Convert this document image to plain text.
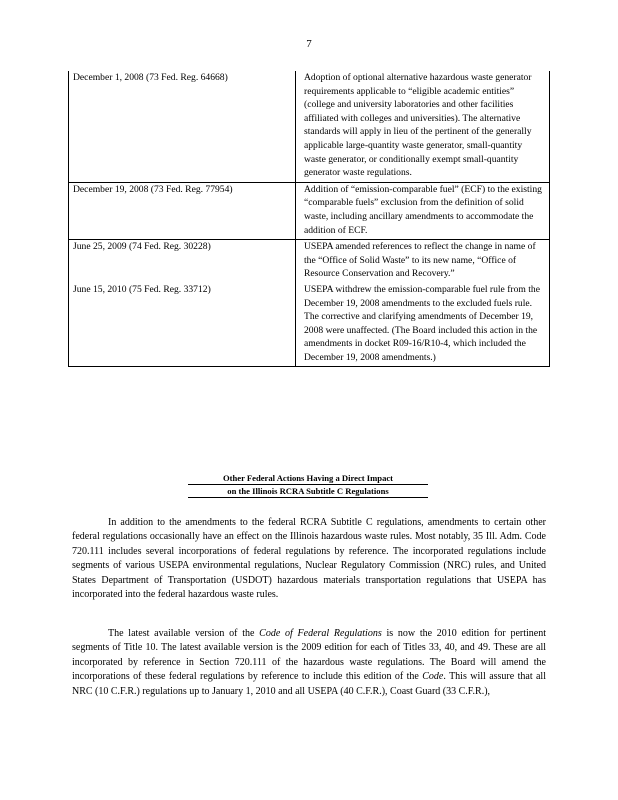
7
December 1, 2008 (73 Fed. Reg. 64668)	Adoption of optional alternative hazardous waste generator requirements applicable to “eligible academic entities” (college and university laboratories and other facilities affiliated with colleges and universities). The alternative standards will apply in lieu of the pertinent of the generally applicable large-quantity waste generator, small-quantity waste generator, or conditionally exempt small-quantity generator waste regulations.
December 19, 2008 (73 Fed. Reg. 77954)	Addition of “emission-comparable fuel” (ECF) to the existing “comparable fuels” exclusion from the definition of solid waste, including ancillary amendments to accommodate the addition of ECF.
June 25, 2009 (74 Fed. Reg. 30228)	USEPA amended references to reflect the change in name of the “Office of Solid Waste” to its new name, “Office of Resource Conservation and Recovery.”
June 15, 2010 (75 Fed. Reg. 33712)	USEPA withdrew the emission-comparable fuel rule from the December 19, 2008 amendments to the excluded fuels rule. The corrective and clarifying amendments of December 19, 2008 were unaffected. (The Board included this action in the amendments in docket R09-16/R10-4, which included the December 19, 2008 amendments.)
Other Federal Actions Having a Direct Impact
on the Illinois RCRA Subtitle C Regulations

In addition to the amendments to the federal RCRA Subtitle C regulations, amendments to certain other federal regulations occasionally have an effect on the Illinois hazardous waste rules. Most notably, 35 Ill. Adm. Code 720.111 includes several incorporations of federal regulations by reference. The incorporated regulations include segments of various USEPA environmental regulations, Nuclear Regulatory Commission (NRC) rules, and United States Department of Transportation (USDOT) hazardous materials transportation regulations that USEPA has incorporated into the federal hazardous waste rules.

The latest available version of the Code of Federal Regulations is now the 2010 edition for pertinent segments of Title 10. The latest available version is the 2009 edition for each of Titles 33, 40, and 49. These are all incorporated by reference in Section 720.111 of the hazardous waste regulations. The Board will amend the incorporations of these federal regulations by reference to include this edition of the Code. This will assure that all NRC (10 C.F.R.) regulations up to January 1, 2010 and all USEPA (40 C.F.R.), Coast Guard (33 C.F.R.),
